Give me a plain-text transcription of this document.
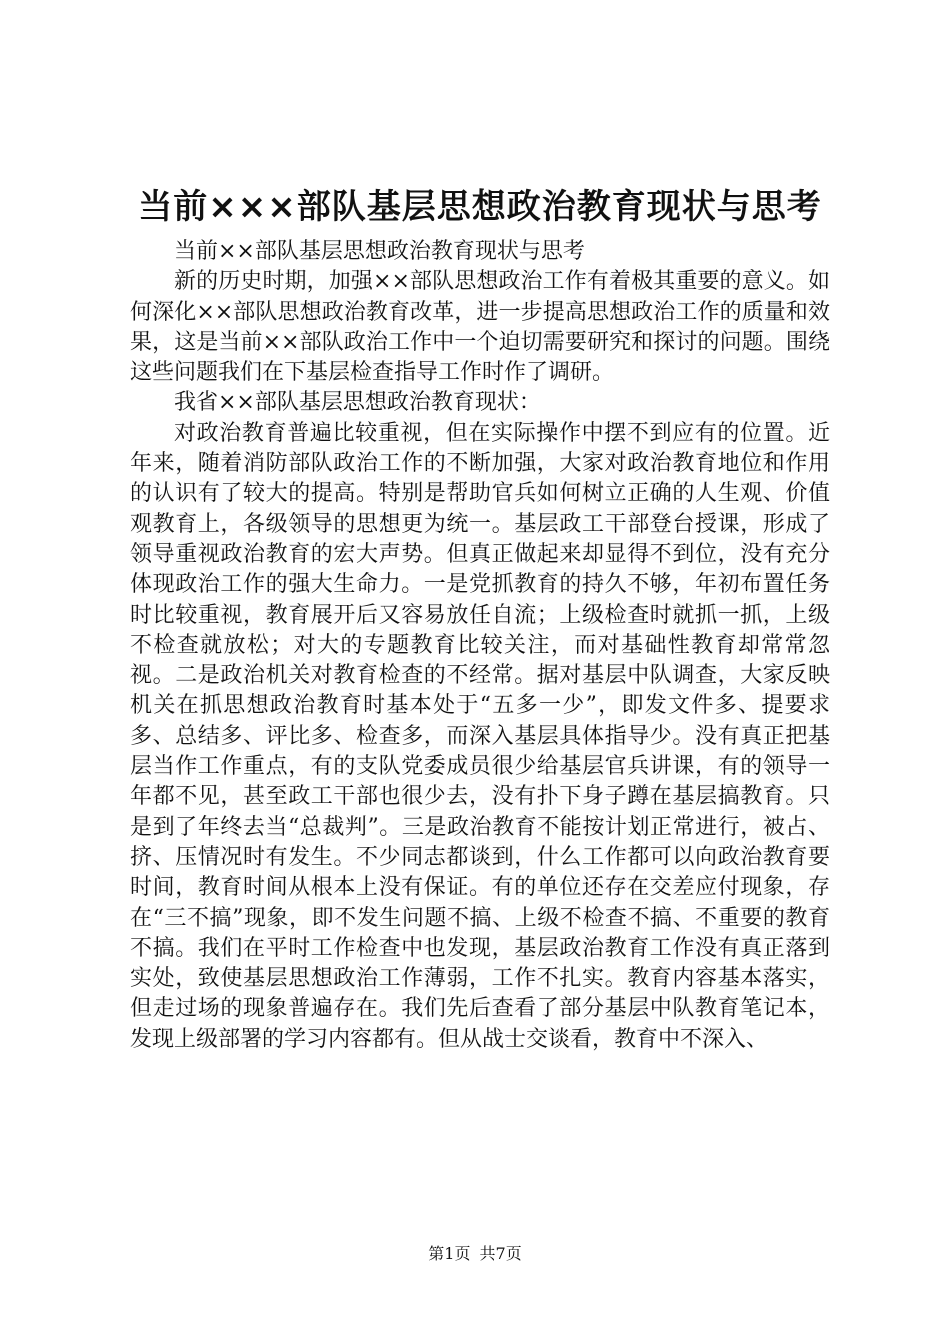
当前×××部队基层思想政治教育现状与思考

当前××部队基层思想政治教育现状与思考

新的历史时期，加强××部队思想政治工作有着极其重要的意义。如何深化××部队思想政治教育改革，进一步提高思想政治工作的质量和效果，这是当前××部队政治工作中一个迫切需要研究和探讨的问题。围绕这些问题我们在下基层检查指导工作时作了调研。

我省××部队基层思想政治教育现状：

对政治教育普遍比较重视，但在实际操作中摆不到应有的位置。近年来，随着消防部队政治工作的不断加强，大家对政治教育地位和作用的认识有了较大的提高。特别是帮助官兵如何树立正确的人生观、价值观教育上，各级领导的思想更为统一。基层政工干部登台授课，形成了领导重视政治教育的宏大声势。但真正做起来却显得不到位，没有充分体现政治工作的强大生命力。一是党抓教育的持久不够，年初布置任务时比较重视，教育展开后又容易放任自流；上级检查时就抓一抓，上级不检查就放松；对大的专题教育比较关注，而对基础性教育却常常忽视。二是政治机关对教育检查的不经常。据对基层中队调查，大家反映机关在抓思想政治教育时基本处于“五多一少”，即发文件多、提要求多、总结多、评比多、检查多，而深入基层具体指导少。没有真正把基层当作工作重点，有的支队党委成员很少给基层官兵讲课，有的领导一年都不见，甚至政工干部也很少去，没有扑下身子蹲在基层搞教育。只是到了年终去当“总裁判”。三是政治教育不能按计划正常进行，被占、挤、压情况时有发生。不少同志都谈到，什么工作都可以向政治教育要时间，教育时间从根本上没有保证。有的单位还存在交差应付现象，存在“三不搞”现象，即不发生问题不搞、上级不检查不搞、不重要的教育不搞。我们在平时工作检查中也发现，基层政治教育工作没有真正落到实处，致使基层思想政治工作薄弱，工作不扎实。教育内容基本落实，但走过场的现象普遍存在。我们先后查看了部分基层中队教育笔记本，发现上级部署的学习内容都有。但从战士交谈看，教育中不深入、

第1页 共7页
